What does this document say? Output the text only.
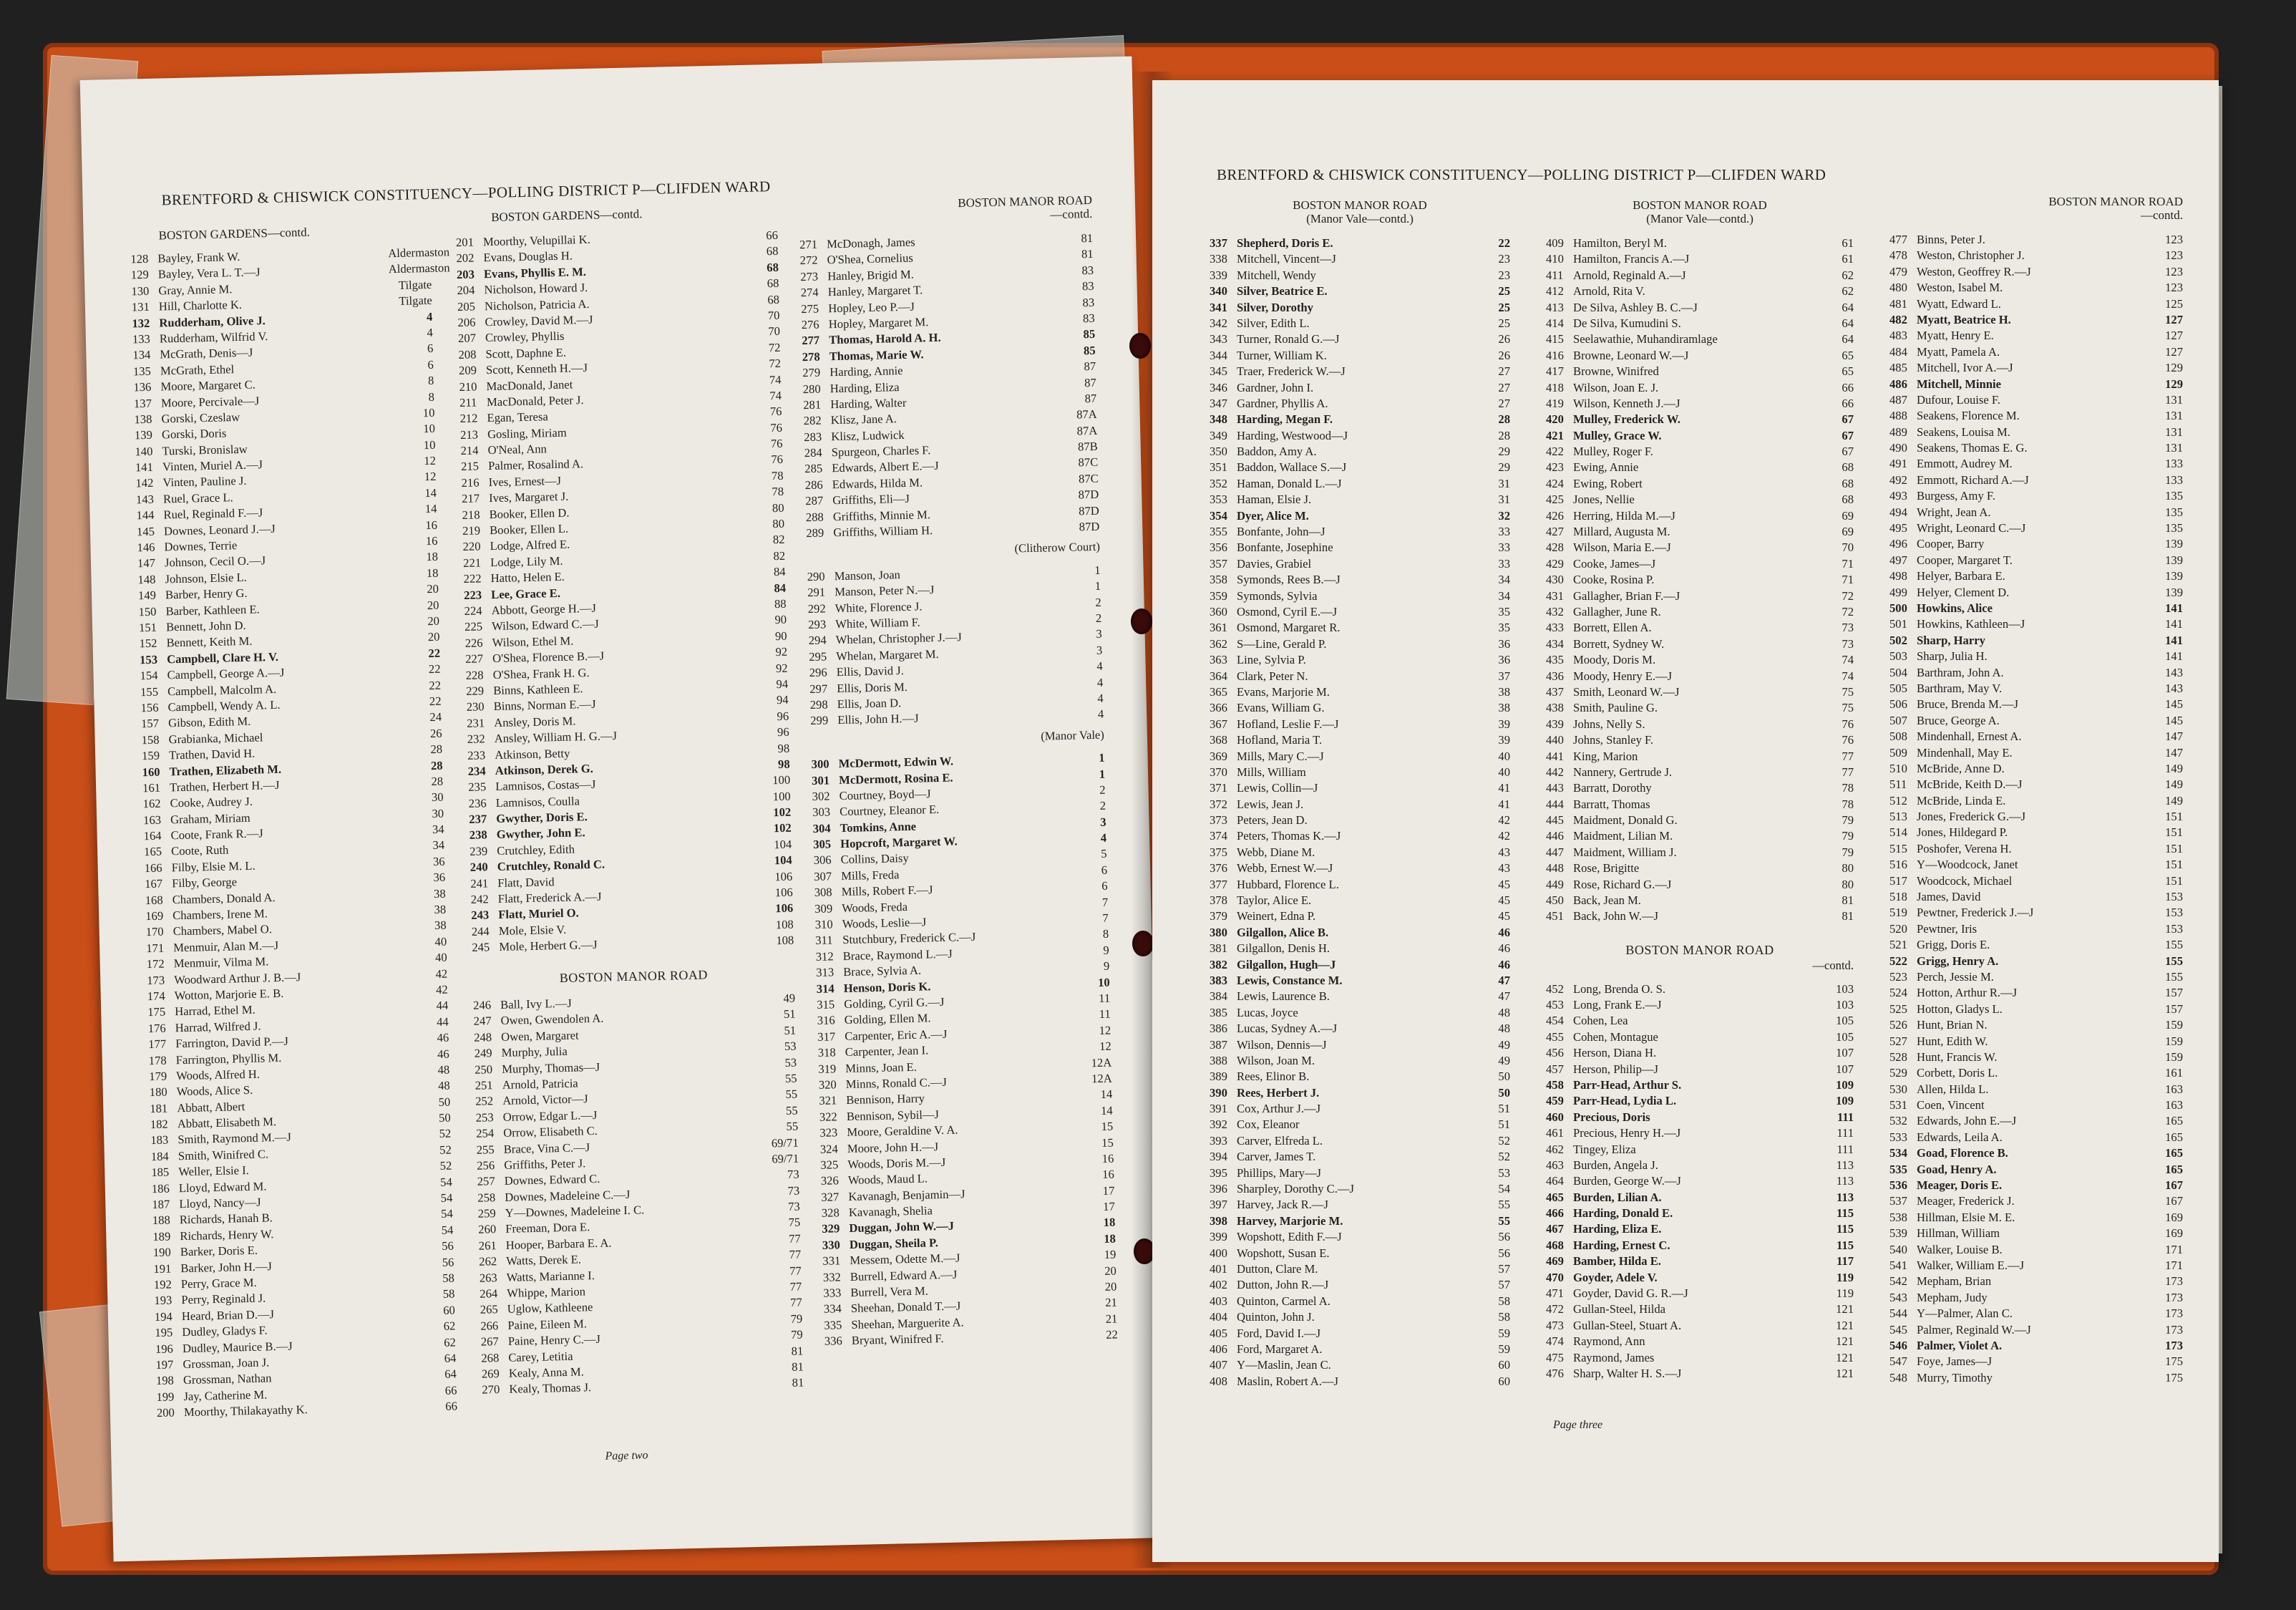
BRENTFORD & CHISWICK CONSTITUENCY—POLLING DISTRICT P—CLIFDEN WARD
BOSTON GARDENS—contd.
128 Bayley, Frank W.	Aldermaston
129 Bayley, Vera L. T.—J	Aldermaston
130 Gray, Annie M.	Tilgate
131 Hill, Charlotte K.	Tilgate
132 Rudderham, Olive J.	4
133 Rudderham, Wilfrid V.	4
134 McGrath, Denis—J	6
135 McGrath, Ethel	6
136 Moore, Margaret C.	8
137 Moore, Percivale—J	8
138 Gorski, Czeslaw	10
139 Gorski, Doris	10
140 Turski, Bronislaw	10
141 Vinten, Muriel A.—J	12
142 Vinten, Pauline J.	12
143 Ruel, Grace L.	14
144 Ruel, Reginald F.—J	14
145 Downes, Leonard J.—J	16
146 Downes, Terrie	16
147 Johnson, Cecil O.—J	18
148 Johnson, Elsie L.	18
149 Barber, Henry G.	20
150 Barber, Kathleen E.	20
151 Bennett, John D.	20
152 Bennett, Keith M.	20
153 Campbell, Clare H. V.	22
154 Campbell, George A.—J	22
155 Campbell, Malcolm A.	22
156 Campbell, Wendy A. L.	22
157 Gibson, Edith M.	24
158 Grabianka, Michael	26
159 Trathen, David H.	28
160 Trathen, Elizabeth M.	28
161 Trathen, Herbert H.—J	28
162 Cooke, Audrey J.	30
163 Graham, Miriam	30
164 Coote, Frank R.—J	34
165 Coote, Ruth	34
166 Filby, Elsie M. L.	36
167 Filby, George	36
168 Chambers, Donald A.	38
169 Chambers, Irene M.	38
170 Chambers, Mabel O.	38
171 Menmuir, Alan M.—J	40
172 Menmuir, Vilma M.	40
173 Woodward Arthur J. B.—J	42
174 Wotton, Marjorie E. B.	42
175 Harrad, Ethel M.	44
176 Harrad, Wilfred J.	44
177 Farrington, David P.—J	46
178 Farrington, Phyllis M.	46
179 Woods, Alfred H.	48
180 Woods, Alice S.	48
181 Abbatt, Albert	50
182 Abbatt, Elisabeth M.	50
183 Smith, Raymond M.—J	52
184 Smith, Winifred C.	52
185 Weller, Elsie I.	52
186 Lloyd, Edward M.	54
187 Lloyd, Nancy—J	54
188 Richards, Hanah B.	54
189 Richards, Henry W.	54
190 Barker, Doris E.	56
191 Barker, John H.—J	56
192 Perry, Grace M.	58
193 Perry, Reginald J.	58
194 Heard, Brian D.—J	60
195 Dudley, Gladys F.	62
196 Dudley, Maurice B.—J	62
197 Grossman, Joan J.	64
198 Grossman, Nathan	64
199 Jay, Catherine M.	66
200 Moorthy, Thilakayathy K.	66
BOSTON GARDENS—contd.
201 Moorthy, Velupillai K.	66
202 Evans, Douglas H.	68
203 Evans, Phyllis E. M.	68
204 Nicholson, Howard J.	68
205 Nicholson, Patricia A.	68
206 Crowley, David M.—J	70
207 Crowley, Phyllis	70
208 Scott, Daphne E.	72
209 Scott, Kenneth H.—J	72
210 MacDonald, Janet	74
211 MacDonald, Peter J.	74
212 Egan, Teresa	76
213 Gosling, Miriam	76
214 O'Neal, Ann	76
215 Palmer, Rosalind A.	76
216 Ives, Ernest—J	78
217 Ives, Margaret J.	78
218 Booker, Ellen D.	80
219 Booker, Ellen L.	80
220 Lodge, Alfred E.	82
221 Lodge, Lily M.	82
222 Hatto, Helen E.	84
223 Lee, Grace E.	84
224 Abbott, George H.—J	88
225 Wilson, Edward C.—J	90
226 Wilson, Ethel M.	90
227 O'Shea, Florence B.—J	92
228 O'Shea, Frank H. G.	92
229 Binns, Kathleen E.	94
230 Binns, Norman E.—J	94
231 Ansley, Doris M.	96
232 Ansley, William H. G.—J	96
233 Atkinson, Betty	98
234 Atkinson, Derek G.	98
235 Lamnisos, Costas—J	100
236 Lamnisos, Coulla	100
237 Gwyther, Doris E.	102
238 Gwyther, John E.	102
239 Crutchley, Edith	104
240 Crutchley, Ronald C.	104
241 Flatt, David	106
242 Flatt, Frederick A.—J	106
243 Flatt, Muriel O.	106
244 Mole, Elsie V.	108
245 Mole, Herbert G.—J	108
BOSTON MANOR ROAD
246 Ball, Ivy L.—J	49
247 Owen, Gwendolen A.	51
248 Owen, Margaret	51
249 Murphy, Julia	53
250 Murphy, Thomas—J	53
251 Arnold, Patricia	55
252 Arnold, Victor—J	55
253 Orrow, Edgar L.—J	55
254 Orrow, Elisabeth C.	55
255 Brace, Vina C.—J	69/71
256 Griffiths, Peter J.	69/71
257 Downes, Edward C.	73
258 Downes, Madeleine C.—J	73
259 Y—Downes, Madeleine I. C.	73
260 Freeman, Dora E.	75
261 Hooper, Barbara E. A.	77
262 Watts, Derek E.	77
263 Watts, Marianne I.	77
264 Whippe, Marion	77
265 Uglow, Kathleene	77
266 Paine, Eileen M.	79
267 Paine, Henry C.—J	79
268 Carey, Letitia	81
269 Kealy, Anna M.	81
270 Kealy, Thomas J.	81
BOSTON MANOR ROAD
—contd.
271 McDonagh, James	81
272 O'Shea, Cornelius	81
273 Hanley, Brigid M.	83
274 Hanley, Margaret T.	83
275 Hopley, Leo P.—J	83
276 Hopley, Margaret M.	83
277 Thomas, Harold A. H.	85
278 Thomas, Marie W.	85
279 Harding, Annie	87
280 Harding, Eliza	87
281 Harding, Walter	87
282 Klisz, Jane A.	87A
283 Klisz, Ludwick	87A
284 Spurgeon, Charles F.	87B
285 Edwards, Albert E.—J	87C
286 Edwards, Hilda M.	87C
287 Griffiths, Eli—J	87D
288 Griffiths, Minnie M.	87D
289 Griffiths, William H.	87D
(Clitherow Court)
290 Manson, Joan	1
291 Manson, Peter N.—J	1
292 White, Florence J.	2
293 White, William F.	2
294 Whelan, Christopher J.—J	3
295 Whelan, Margaret M.	3
296 Ellis, David J.	4
297 Ellis, Doris M.	4
298 Ellis, Joan D.	4
299 Ellis, John H.—J	4
(Manor Vale)
300 McDermott, Edwin W.	1
301 McDermott, Rosina E.	1
302 Courtney, Boyd—J	2
303 Courtney, Eleanor E.	2
304 Tomkins, Anne	3
305 Hopcroft, Margaret W.	4
306 Collins, Daisy	5
307 Mills, Freda	6
308 Mills, Robert F.—J	6
309 Woods, Freda	7
310 Woods, Leslie—J	7
311 Stutchbury, Frederick C.—J	8
312 Brace, Raymond L.—J	9
313 Brace, Sylvia A.	9
314 Henson, Doris K.	10
315 Golding, Cyril G.—J	11
316 Golding, Ellen M.	11
317 Carpenter, Eric A.—J	12
318 Carpenter, Jean I.	12
319 Minns, Joan E.	12A
320 Minns, Ronald C.—J	12A
321 Bennison, Harry	14
322 Bennison, Sybil—J	14
323 Moore, Geraldine V. A.	15
324 Moore, John H.—J	15
325 Woods, Doris M.—J	16
326 Woods, Maud L.	16
327 Kavanagh, Benjamin—J	17
328 Kavanagh, Shelia	17
329 Duggan, John W.—J	18
330 Duggan, Sheila P.	18
331 Messem, Odette M.—J	19
332 Burrell, Edward A.—J	20
333 Burrell, Vera M.	20
334 Sheehan, Donald T.—J	21
335 Sheehan, Marguerite A.	21
336 Bryant, Winifred F.	22
Page two
BRENTFORD & CHISWICK CONSTITUENCY—POLLING DISTRICT P—CLIFDEN WARD
BOSTON MANOR ROAD
(Manor Vale—contd.)
337 Shepherd, Doris E.	22
338 Mitchell, Vincent—J	23
339 Mitchell, Wendy	23
340 Silver, Beatrice E.	25
341 Silver, Dorothy	25
342 Silver, Edith L.	25
343 Turner, Ronald G.—J	26
344 Turner, William K.	26
345 Traer, Frederick W.—J	27
346 Gardner, John I.	27
347 Gardner, Phyllis A.	27
348 Harding, Megan F.	28
349 Harding, Westwood—J	28
350 Baddon, Amy A.	29
351 Baddon, Wallace S.—J	29
352 Haman, Donald L.—J	31
353 Haman, Elsie J.	31
354 Dyer, Alice M.	32
355 Bonfante, John—J	33
356 Bonfante, Josephine	33
357 Davies, Grabiel	33
358 Symonds, Rees B.—J	34
359 Symonds, Sylvia	34
360 Osmond, Cyril E.—J	35
361 Osmond, Margaret R.	35
362 S—Line, Gerald P.	36
363 Line, Sylvia P.	36
364 Clark, Peter N.	37
365 Evans, Marjorie M.	38
366 Evans, William G.	38
367 Hofland, Leslie F.—J	39
368 Hofland, Maria T.	39
369 Mills, Mary C.—J	40
370 Mills, William	40
371 Lewis, Collin—J	41
372 Lewis, Jean J.	41
373 Peters, Jean D.	42
374 Peters, Thomas K.—J	42
375 Webb, Diane M.	43
376 Webb, Ernest W.—J	43
377 Hubbard, Florence L.	45
378 Taylor, Alice E.	45
379 Weinert, Edna P.	45
380 Gilgallon, Alice B.	46
381 Gilgallon, Denis H.	46
382 Gilgallon, Hugh—J	46
383 Lewis, Constance M.	47
384 Lewis, Laurence B.	47
385 Lucas, Joyce	48
386 Lucas, Sydney A.—J	48
387 Wilson, Dennis—J	49
388 Wilson, Joan M.	49
389 Rees, Elinor B.	50
390 Rees, Herbert J.	50
391 Cox, Arthur J.—J	51
392 Cox, Eleanor	51
393 Carver, Elfreda L.	52
394 Carver, James T.	52
395 Phillips, Mary—J	53
396 Sharpley, Dorothy C.—J	54
397 Harvey, Jack R.—J	55
398 Harvey, Marjorie M.	55
399 Wopshott, Edith F.—J	56
400 Wopshott, Susan E.	56
401 Dutton, Clare M.	57
402 Dutton, John R.—J	57
403 Quinton, Carmel A.	58
404 Quinton, John J.	58
405 Ford, David I.—J	59
406 Ford, Margaret A.	59
407 Y—Maslin, Jean C.	60
408 Maslin, Robert A.—J	60
BOSTON MANOR ROAD
(Manor Vale—contd.)
409 Hamilton, Beryl M.	61
410 Hamilton, Francis A.—J	61
411 Arnold, Reginald A.—J	62
412 Arnold, Rita V.	62
413 De Silva, Ashley B. C.—J	64
414 De Silva, Kumudini S.	64
415 Seelawathie, Muhandiramlage	64
416 Browne, Leonard W.—J	65
417 Browne, Winifred	65
418 Wilson, Joan E. J.	66
419 Wilson, Kenneth J.—J	66
420 Mulley, Frederick W.	67
421 Mulley, Grace W.	67
422 Mulley, Roger F.	67
423 Ewing, Annie	68
424 Ewing, Robert	68
425 Jones, Nellie	68
426 Herring, Hilda M.—J	69
427 Millard, Augusta M.	69
428 Wilson, Maria E.—J	70
429 Cooke, James—J	71
430 Cooke, Rosina P.	71
431 Gallagher, Brian F.—J	72
432 Gallagher, June R.	72
433 Borrett, Ellen A.	73
434 Borrett, Sydney W.	73
435 Moody, Doris M.	74
436 Moody, Henry E.—J	74
437 Smith, Leonard W.—J	75
438 Smith, Pauline G.	75
439 Johns, Nelly S.	76
440 Johns, Stanley F.	76
441 King, Marion	77
442 Nannery, Gertrude J.	77
443 Barratt, Dorothy	78
444 Barratt, Thomas	78
445 Maidment, Donald G.	79
446 Maidment, Lilian M.	79
447 Maidment, William J.	79
448 Rose, Brigitte	80
449 Rose, Richard G.—J	80
450 Back, Jean M.	81
451 Back, John W.—J	81
BOSTON MANOR ROAD
—contd.
452 Long, Brenda O. S.	103
453 Long, Frank E.—J	103
454 Cohen, Lea	105
455 Cohen, Montague	105
456 Herson, Diana H.	107
457 Herson, Philip—J	107
458 Parr-Head, Arthur S.	109
459 Parr-Head, Lydia L.	109
460 Precious, Doris	111
461 Precious, Henry H.—J	111
462 Tingey, Eliza	111
463 Burden, Angela J.	113
464 Burden, George W.—J	113
465 Burden, Lilian A.	113
466 Harding, Donald E.	115
467 Harding, Eliza E.	115
468 Harding, Ernest C.	115
469 Bamber, Hilda E.	117
470 Goyder, Adele V.	119
471 Goyder, David G. R.—J	119
472 Gullan-Steel, Hilda	121
473 Gullan-Steel, Stuart A.	121
474 Raymond, Ann	121
475 Raymond, James	121
476 Sharp, Walter H. S.—J	121
BOSTON MANOR ROAD
—contd.
477 Binns, Peter J.	123
478 Weston, Christopher J.	123
479 Weston, Geoffrey R.—J	123
480 Weston, Isabel M.	123
481 Wyatt, Edward L.	125
482 Myatt, Beatrice H.	127
483 Myatt, Henry E.	127
484 Myatt, Pamela A.	127
485 Mitchell, Ivor A.—J	129
486 Mitchell, Minnie	129
487 Dufour, Louise F.	131
488 Seakens, Florence M.	131
489 Seakens, Louisa M.	131
490 Seakens, Thomas E. G.	131
491 Emmott, Audrey M.	133
492 Emmott, Richard A.—J	133
493 Burgess, Amy F.	135
494 Wright, Jean A.	135
495 Wright, Leonard C.—J	135
496 Cooper, Barry	139
497 Cooper, Margaret T.	139
498 Helyer, Barbara E.	139
499 Helyer, Clement D.	139
500 Howkins, Alice	141
501 Howkins, Kathleen—J	141
502 Sharp, Harry	141
503 Sharp, Julia H.	141
504 Barthram, John A.	143
505 Barthram, May V.	143
506 Bruce, Brenda M.—J	145
507 Bruce, George A.	145
508 Mindenhall, Ernest A.	147
509 Mindenhall, May E.	147
510 McBride, Anne D.	149
511 McBride, Keith D.—J	149
512 McBride, Linda E.	149
513 Jones, Frederick G.—J	151
514 Jones, Hildegard P.	151
515 Poshofer, Verena H.	151
516 Y—Woodcock, Janet	151
517 Woodcock, Michael	151
518 James, David	153
519 Pewtner, Frederick J.—J	153
520 Pewtner, Iris	153
521 Grigg, Doris E.	155
522 Grigg, Henry A.	155
523 Perch, Jessie M.	155
524 Hotton, Arthur R.—J	157
525 Hotton, Gladys L.	157
526 Hunt, Brian N.	159
527 Hunt, Edith W.	159
528 Hunt, Francis W.	159
529 Corbett, Doris L.	161
530 Allen, Hilda L.	163
531 Coen, Vincent	163
532 Edwards, John E.—J	165
533 Edwards, Leila A.	165
534 Goad, Florence B.	165
535 Goad, Henry A.	165
536 Meager, Doris E.	167
537 Meager, Frederick J.	167
538 Hillman, Elsie M. E.	169
539 Hillman, William	169
540 Walker, Louise B.	171
541 Walker, William E.—J	171
542 Mepham, Brian	173
543 Mepham, Judy	173
544 Y—Palmer, Alan C.	173
545 Palmer, Reginald W.—J	173
546 Palmer, Violet A.	173
547 Foye, James—J	175
548 Murry, Timothy	175
Page three
